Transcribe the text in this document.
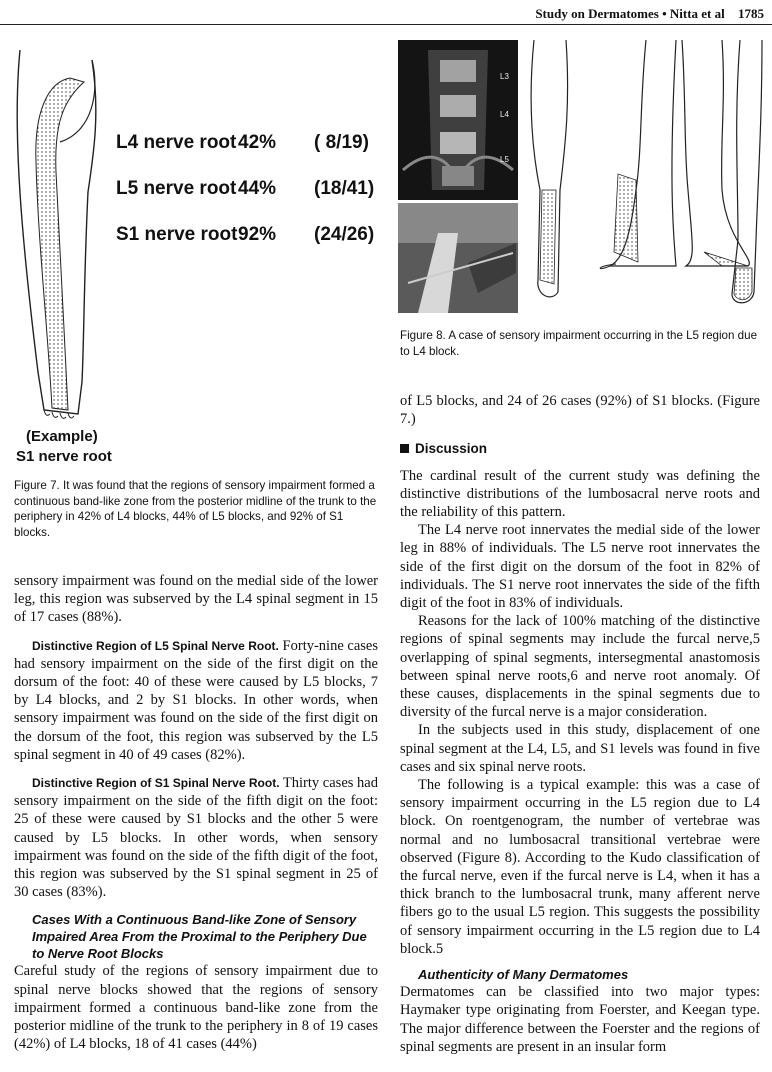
Study on Dermatomes • Nitta et al 1785
L4 nerve root 42%	( 8/19)
L5 nerve root 44%	(18/41)
S1 nerve root 92%	(24/26)
(Example)
S1 nerve root
Figure 7. It was found that the regions of sensory impairment formed a continuous band-like zone from the posterior midline of the trunk to the periphery in 42% of L4 blocks, 44% of L5 blocks, and 92% of S1 blocks.

sensory impairment was found on the medial side of the lower leg, this region was subserved by the L4 spinal segment in 15 of 17 cases (88%).

Distinctive Region of L5 Spinal Nerve Root. Forty-nine cases had sensory impairment on the side of the first digit on the dorsum of the foot: 40 of these were caused by L5 blocks, 7 by L4 blocks, and 2 by S1 blocks. In other words, when sensory impairment was found on the side of the first digit on the dorsum of the foot, this region was subserved by the L5 spinal segment in 40 of 49 cases (82%).

Distinctive Region of S1 Spinal Nerve Root. Thirty cases had sensory impairment on the side of the fifth digit on the foot: 25 of these were caused by S1 blocks and the other 5 were caused by L5 blocks. In other words, when sensory impairment was found on the side of the fifth digit of the foot, this region was subserved by the S1 spinal segment in 25 of 30 cases (83%).

Cases With a Continuous Band-like Zone of Sensory Impaired Area From the Proximal to the Periphery Due to Nerve Root Blocks

Careful study of the regions of sensory impairment due to spinal nerve blocks showed that the regions of sensory impairment formed a continuous band-like zone from the posterior midline of the trunk to the periphery in 8 of 19 cases (42%) of L4 blocks, 18 of 41 cases (44%)

L3
L4
L5
Figure 8. A case of sensory impairment occurring in the L5 region due to L4 block.

of L5 blocks, and 24 of 26 cases (92%) of S1 blocks. (Figure 7.)

Discussion

The cardinal result of the current study was defining the distinctive distributions of the lumbosacral nerve roots and the reliability of this pattern.

The L4 nerve root innervates the medial side of the lower leg in 88% of individuals. The L5 nerve root innervates the side of the first digit on the dorsum of the foot in 82% of individuals. The S1 nerve root innervates the side of the fifth digit of the foot in 83% of individuals.

Reasons for the lack of 100% matching of the distinctive regions of spinal segments may include the furcal nerve,5 overlapping of spinal segments, intersegmental anastomosis between spinal nerve roots,6 and nerve root anomaly. Of these causes, displacements in the spinal segments due to diversity of the furcal nerve is a major consideration.

In the subjects used in this study, displacement of one spinal segment at the L4, L5, and S1 levels was found in five cases and six spinal nerve roots.

The following is a typical example: this was a case of sensory impairment occurring in the L5 region due to L4 block. On roentgenogram, the number of vertebrae was normal and no lumbosacral transitional vertebrae were observed (Figure 8). According to the Kudo classification of the furcal nerve, even if the furcal nerve is L4, when it has a thick branch to the lumbosacral trunk, many afferent nerve fibers go to the usual L5 region. This suggests the possibility of sensory impairment occurring in the L5 region due to L4 block.5

Authenticity of Many Dermatomes

Dermatomes can be classified into two major types: Haymaker type originating from Foerster, and Keegan type. The major difference between the Foerster and the regions of spinal segments are present in an insular form
